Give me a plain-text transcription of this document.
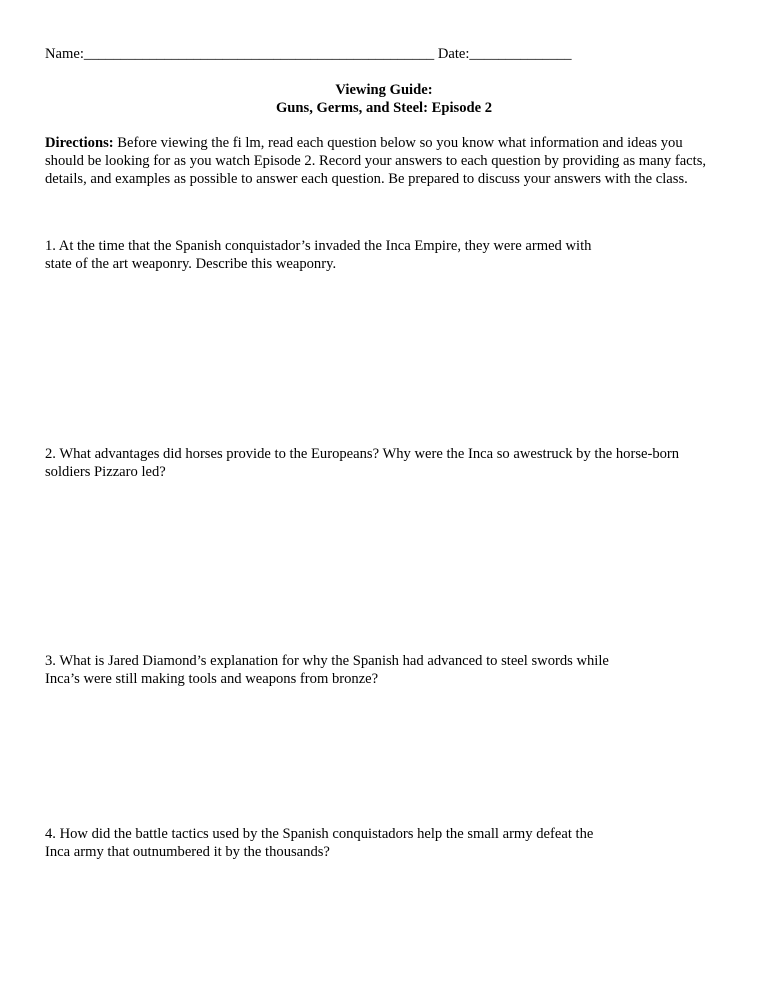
Name:________________________________________________ Date:______________
Viewing Guide:
Guns, Germs, and Steel: Episode 2
Directions: Before viewing the fi lm, read each question below so you know what information and ideas you should be looking for as you watch Episode 2. Record your answers to each question by providing as many facts, details, and examples as possible to answer each question. Be prepared to discuss your answers with the class.
1. At the time that the Spanish conquistador’s invaded the Inca Empire, they were armed with
state of the art weaponry. Describe this weaponry.
2. What advantages did horses provide to the Europeans? Why were the Inca so awestruck by the horse-born
soldiers Pizzaro led?
3. What is Jared Diamond’s explanation for why the Spanish had advanced to steel swords while
Inca’s were still making tools and weapons from bronze?
4. How did the battle tactics used by the Spanish conquistadors help the small army defeat the
Inca army that outnumbered it by the thousands?
